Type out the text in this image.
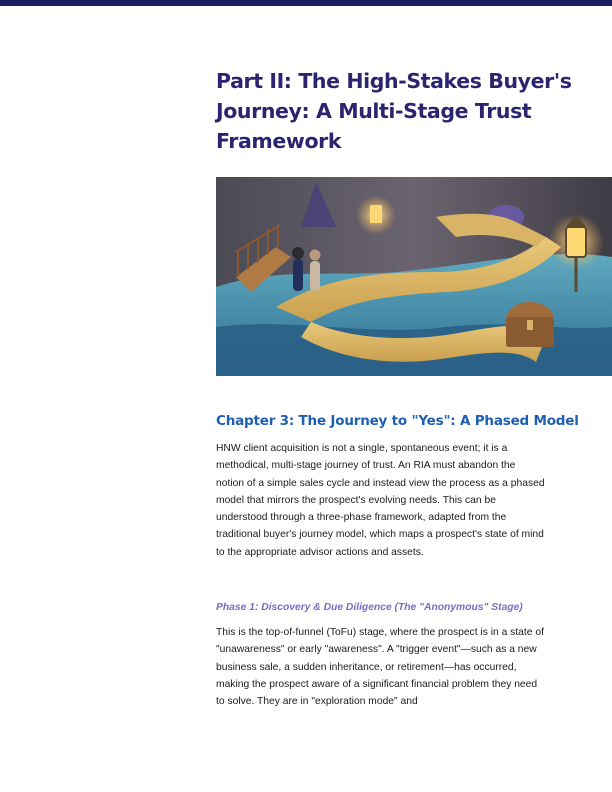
Part II: The High-Stakes Buyer's Journey: A Multi-Stage Trust Framework
Chapter 3: The Journey to "Yes": A Phased Model

HNW client acquisition is not a single, spontaneous event; it is a methodical, multi-stage journey of trust. An RIA must abandon the notion of a simple sales cycle and instead view the process as a phased model that mirrors the prospect's evolving needs. This can be understood through a three-phase framework, adapted from the traditional buyer's journey model, which maps a prospect's state of mind to the appropriate advisor actions and assets.

Phase 1: Discovery & Due Diligence (The "Anonymous" Stage)

This is the top-of-funnel (ToFu) stage, where the prospect is in a state of "unawareness" or early "awareness". A "trigger event"—such as a new business sale, a sudden inheritance, or retirement—has occurred, making the prospect aware of a significant financial problem they need to solve. They are in "exploration mode" and
